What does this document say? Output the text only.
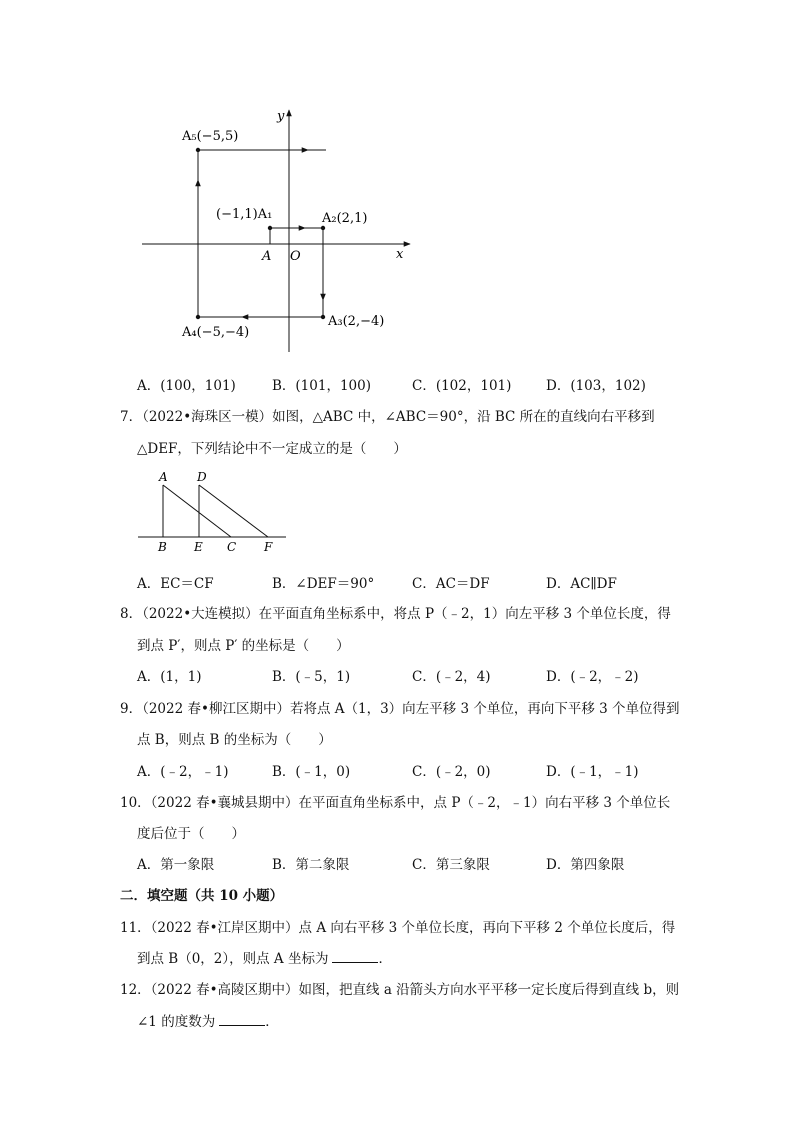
y
x
O
A
(−1,1)A₁	A₂(2,1)
A₃(2,−4)
A₄(−5,−4)
A₅(−5,5)
A．(100，101)	B．(101，100)	C．(102，101)	D．(103，102)
7．（2022•海珠区一模）如图，△ABC 中，∠ABC＝90°，沿 BC 所在的直线向右平移到
△DEF，下列结论中不一定成立的是（　　）
A D
B E C F
A．EC＝CF	B．∠DEF＝90°	C．AC＝DF	D．AC∥DF
8．（2022•大连模拟）在平面直角坐标系中，将点 P（﹣2，1）向左平移 3 个单位长度，得
到点 P′，则点 P′ 的坐标是（　　）
A．(1，1)	B．(﹣5，1)	C．(﹣2，4)	D．(﹣2，﹣2)
9．（2022 春•柳江区期中）若将点 A（1，3）向左平移 3 个单位，再向下平移 3 个单位得到
点 B，则点 B 的坐标为（　　）
A．(﹣2，﹣1)	B．(﹣1，0)	C．(﹣2，0)	D．(﹣1，﹣1)
10．（2022 春•襄城县期中）在平面直角坐标系中，点 P（﹣2，﹣1）向右平移 3 个单位长
度后位于（　　）
A．第一象限	B．第二象限	C．第三象限	D．第四象限
二．填空题（共 10 小题）
11．（2022 春•江岸区期中）点 A 向右平移 3 个单位长度，再向下平移 2 个单位长度后，得
到点 B（0，2），则点 A 坐标为	．
12．（2022 春•高陵区期中）如图，把直线 a 沿箭头方向水平平移一定长度后得到直线 b，则
∠1 的度数为	．
